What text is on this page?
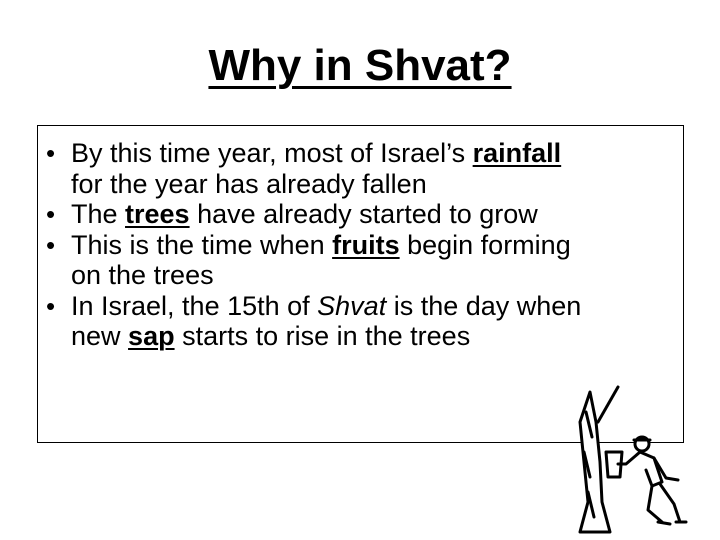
Why in Shvat?
• By this time year, most of Israel’s rainfall
for the year has already fallen
• The trees have already started to grow
• This is the time when fruits begin forming
on the trees
• In Israel, the 15th of Shvat is the day when
new sap starts to rise in the trees
